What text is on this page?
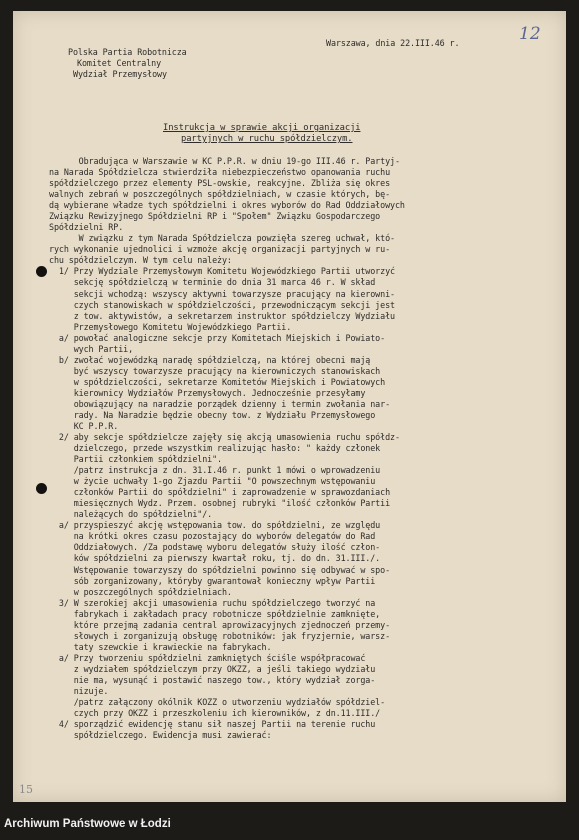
Polska Partia Robotnicza
Komitet Centralny
Wydział Przemysłowy
Warszawa, dnia 22.III.46 r.	12
Instrukcja w sprawie akcji organizacji
partyjnych w ruchu spółdzielczym.
Obradująca w Warszawie w KC P.P.R. w dniu 19-go III.46 r. Partyj-
na Narada Spółdzielcza stwierdziła niebezpieczeństwo opanowania ruchu
spółdzielczego przez elementy PSL-owskie, reakcyjne. Zbliża się okres
walnych zebrań w poszczególnych spółdzielniach, w czasie których, bę-
dą wybierane władze tych spółdzielni i okres wyborów do Rad Oddziałowych
Związku Rewizyjnego Spółdzielni RP i "Społem" Związku Gospodarczego
Spółdzielni RP.
W związku z tym Narada Spółdzielcza powzięła szereg uchwał, któ-
rych wykonanie ujednolici i wzmoże akcję organizacji partyjnych w ru-
chu spółdzielczym. W tym celu należy:
1/ Przy Wydziale Przemysłowym Komitetu Wojewódzkiego Partii utworzyć
sekcję spółdzielczą w terminie do dnia 31 marca 46 r. W skład
sekcji wchodzą: wszyscy aktywni towarzysze pracujący na kierowni-
czych stanowiskach w spółdzielczości, przewodniczącym sekcji jest
z tow. aktywistów, a sekretarzem instruktor spółdzielczy Wydziału
Przemysłowego Komitetu Wojewódzkiego Partii.
a/ powołać analogiczne sekcje przy Komitetach Miejskich i Powiato-
wych Partii,
b/ zwołać wojewódzką naradę spółdzielczą, na której obecni mają
być wszyscy towarzysze pracujący na kierowniczych stanowiskach
w spółdzielczości, sekretarze Komitetów Miejskich i Powiatowych
kierownicy Wydziałów Przemysłowych. Jednocześnie przesyłamy
obowiązujący na naradzie porządek dzienny i termin zwołania nar-
rady. Na Naradzie będzie obecny tow. z Wydziału Przemysłowego
KC P.P.R.
2/ aby sekcje spółdzielcze zajęły się akcją umasowienia ruchu spółdz-
dzielczego, przede wszystkim realizując hasło: " każdy członek
Partii członkiem spółdzielni".
/patrz instrukcja z dn. 31.I.46 r. punkt 1 mówi o wprowadzeniu
w życie uchwały 1-go Zjazdu Partii "O powszechnym wstępowaniu
członków Partii do spółdzielni" i zaprowadzenie w sprawozdaniach
miesięcznych Wydz. Przem. osobnej rubryki "ilość członków Partii
należących do spółdzielni"/.
a/ przyspieszyć akcję wstępowania tow. do spółdzielni, ze względu
na krótki okres czasu pozostający do wyborów delegatów do Rad
Oddziałowych. /Za podstawę wyboru delegatów służy ilość człon-
ków spółdzielni za pierwszy kwartał roku, tj. do dn. 31.III./.
Wstępowanie towarzyszy do spółdzielni powinno się odbywać w spo-
sób zorganizowany, któryby gwarantował konieczny wpływ Partii
w poszczególnych spółdzielniach.
3/ W szerokiej akcji umasowienia ruchu spółdzielczego tworzyć na
fabrykach i zakładach pracy robotnicze spółdzielnie zamknięte,
które przejmą zadania central aprowizacyjnych zjednoczeń przemy-
słowych i zorganizują obsługę robotników: jak fryzjernie, warsz-
taty szewckie i krawieckie na fabrykach.
a/ Przy tworzeniu spółdzielni zamkniętych ściśle współpracować
z wydziałem spółdzielczym przy OKZZ, a jeśli takiego wydziału
nie ma, wysunąć i postawić naszego tow., który wydział zorga-
nizuje.
/patrz załączony okólnik KOZZ o utworzeniu wydziałów spółdziel-
czych przy OKZZ i przeszkoleniu ich kierowników, z dn.11.III./
4/ sporządzić ewidencję stanu sił naszej Partii na terenie ruchu
spółdzielczego. Ewidencja musi zawierać:
15
Archiwum Państwowe w Łodzi
